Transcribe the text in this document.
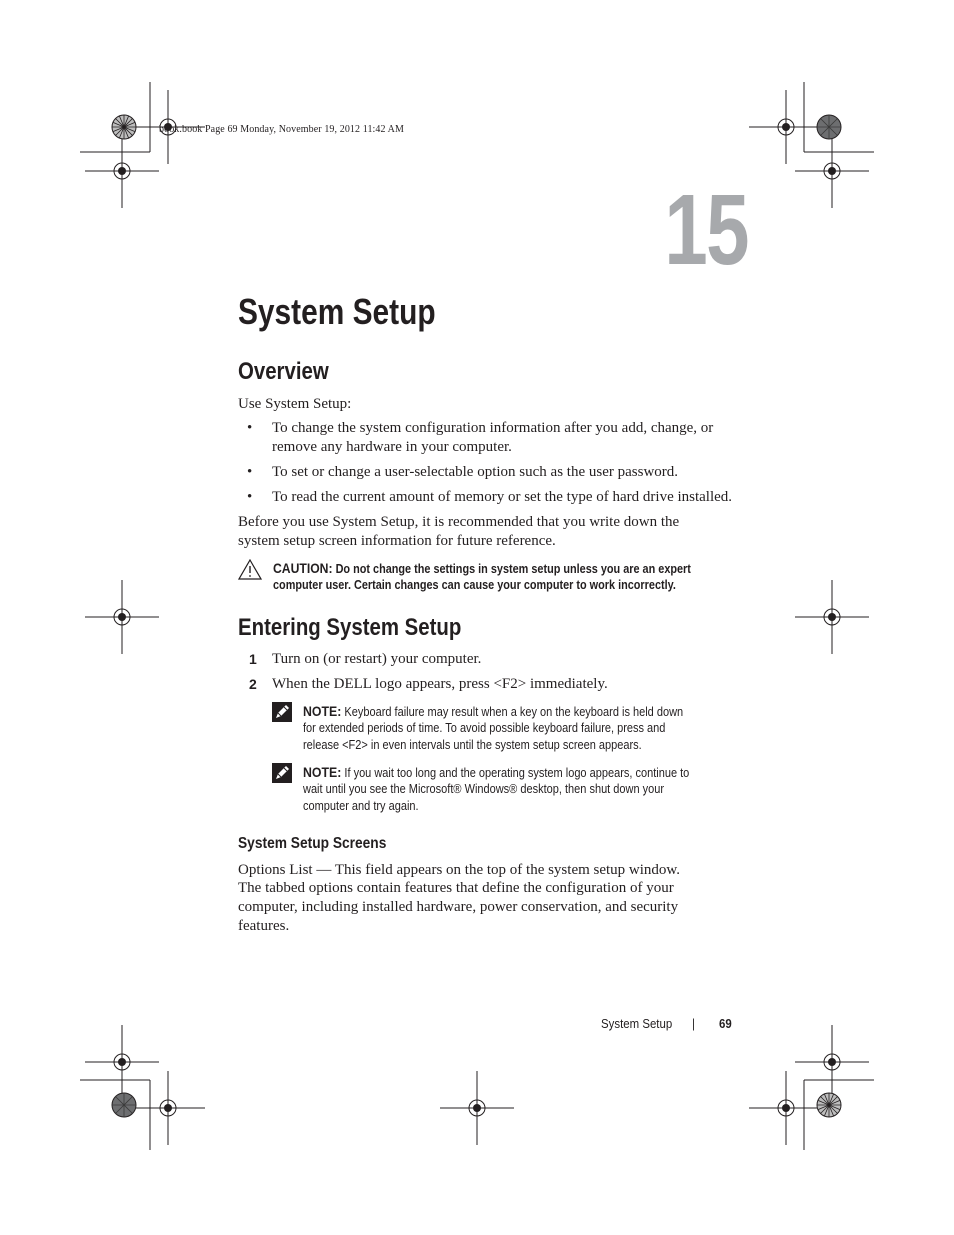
book.book Page 69 Monday, November 19, 2012 11:42 AM
15
System Setup
Overview
Use System Setup:
• To change the system configuration information after you add, change, or
remove any hardware in your computer.
• To set or change a user-selectable option such as the user password.
• To read the current amount of memory or set the type of hard drive installed.
Before you use System Setup, it is recommended that you write down the
system setup screen information for future reference.
CAUTION: Do not change the settings in system setup unless you are an expert
computer user. Certain changes can cause your computer to work incorrectly.
Entering System Setup
1 Turn on (or restart) your computer.
2 When the DELL logo appears, press <F2> immediately.
NOTE: Keyboard failure may result when a key on the keyboard is held down
for extended periods of time. To avoid possible keyboard failure, press and
release <F2> in even intervals until the system setup screen appears.
NOTE: If you wait too long and the operating system logo appears, continue to
wait until you see the Microsoft® Windows® desktop, then shut down your
computer and try again.
System Setup Screens
Options List — This field appears on the top of the system setup window.
The tabbed options contain features that define the configuration of your
computer, including installed hardware, power conservation, and security
features.
System Setup | 69
